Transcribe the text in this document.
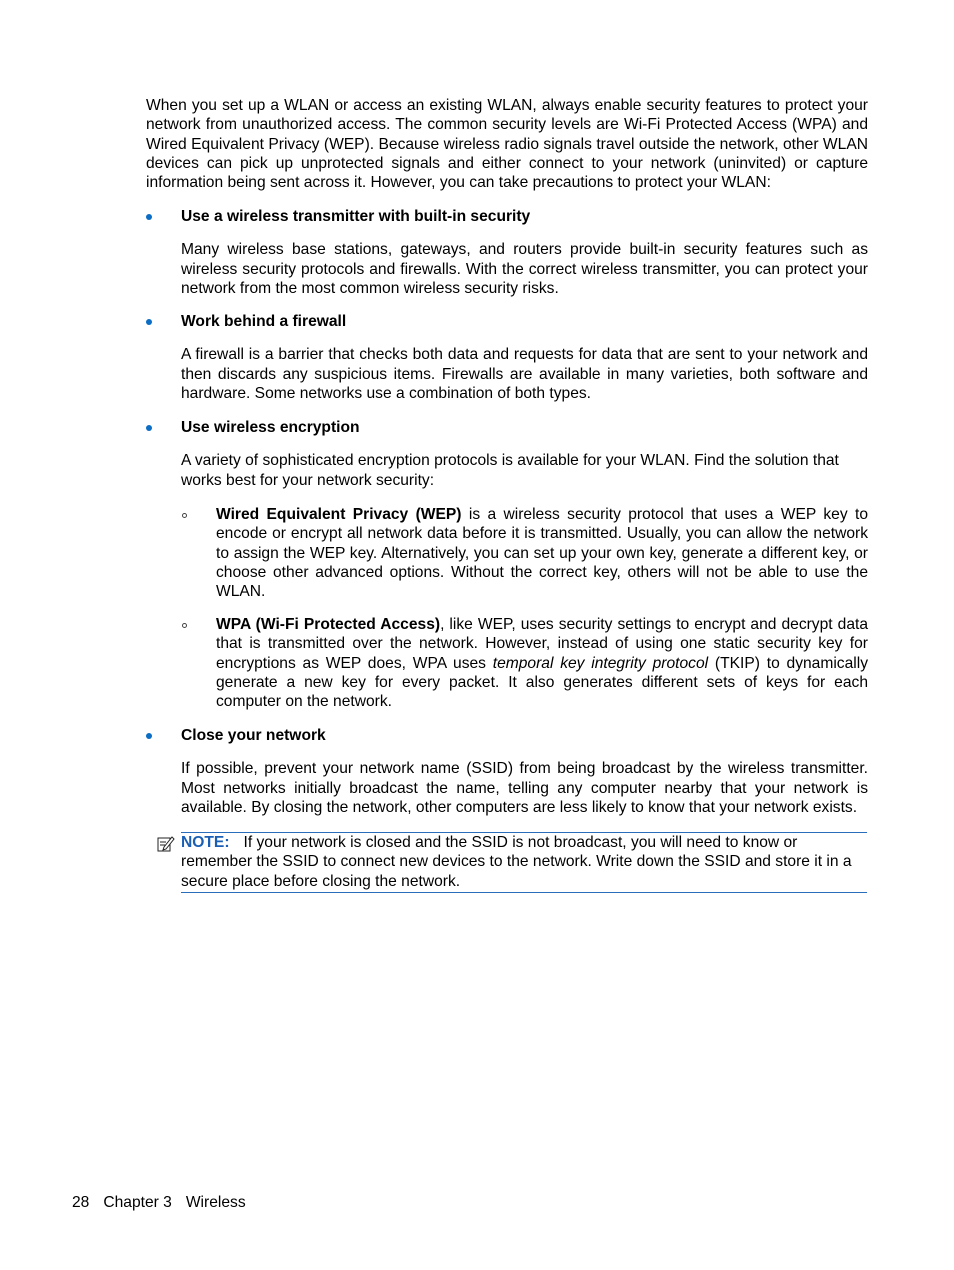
When you set up a WLAN or access an existing WLAN, always enable security features to protect your network from unauthorized access. The common security levels are Wi-Fi Protected Access (WPA) and Wired Equivalent Privacy (WEP). Because wireless radio signals travel outside the network, other WLAN devices can pick up unprotected signals and either connect to your network (uninvited) or capture information being sent across it. However, you can take precautions to protect your WLAN:

Use a wireless transmitter with built-in security

Many wireless base stations, gateways, and routers provide built-in security features such as wireless security protocols and firewalls. With the correct wireless transmitter, you can protect your network from the most common wireless security risks.

Work behind a firewall

A firewall is a barrier that checks both data and requests for data that are sent to your network and then discards any suspicious items. Firewalls are available in many varieties, both software and hardware. Some networks use a combination of both types.

Use wireless encryption

A variety of sophisticated encryption protocols is available for your WLAN. Find the solution that works best for your network security:

Wired Equivalent Privacy (WEP) is a wireless security protocol that uses a WEP key to encode or encrypt all network data before it is transmitted. Usually, you can allow the network to assign the WEP key. Alternatively, you can set up your own key, generate a different key, or choose other advanced options. Without the correct key, others will not be able to use the WLAN.

WPA (Wi-Fi Protected Access), like WEP, uses security settings to encrypt and decrypt data that is transmitted over the network. However, instead of using one static security key for encryptions as WEP does, WPA uses temporal key integrity protocol (TKIP) to dynamically generate a new key for every packet. It also generates different sets of keys for each computer on the network.

Close your network

If possible, prevent your network name (SSID) from being broadcast by the wireless transmitter. Most networks initially broadcast the name, telling any computer nearby that your network is available. By closing the network, other computers are less likely to know that your network exists.

NOTE: If your network is closed and the SSID is not broadcast, you will need to know or remember the SSID to connect new devices to the network. Write down the SSID and store it in a secure place before closing the network.

28 Chapter 3 Wireless
